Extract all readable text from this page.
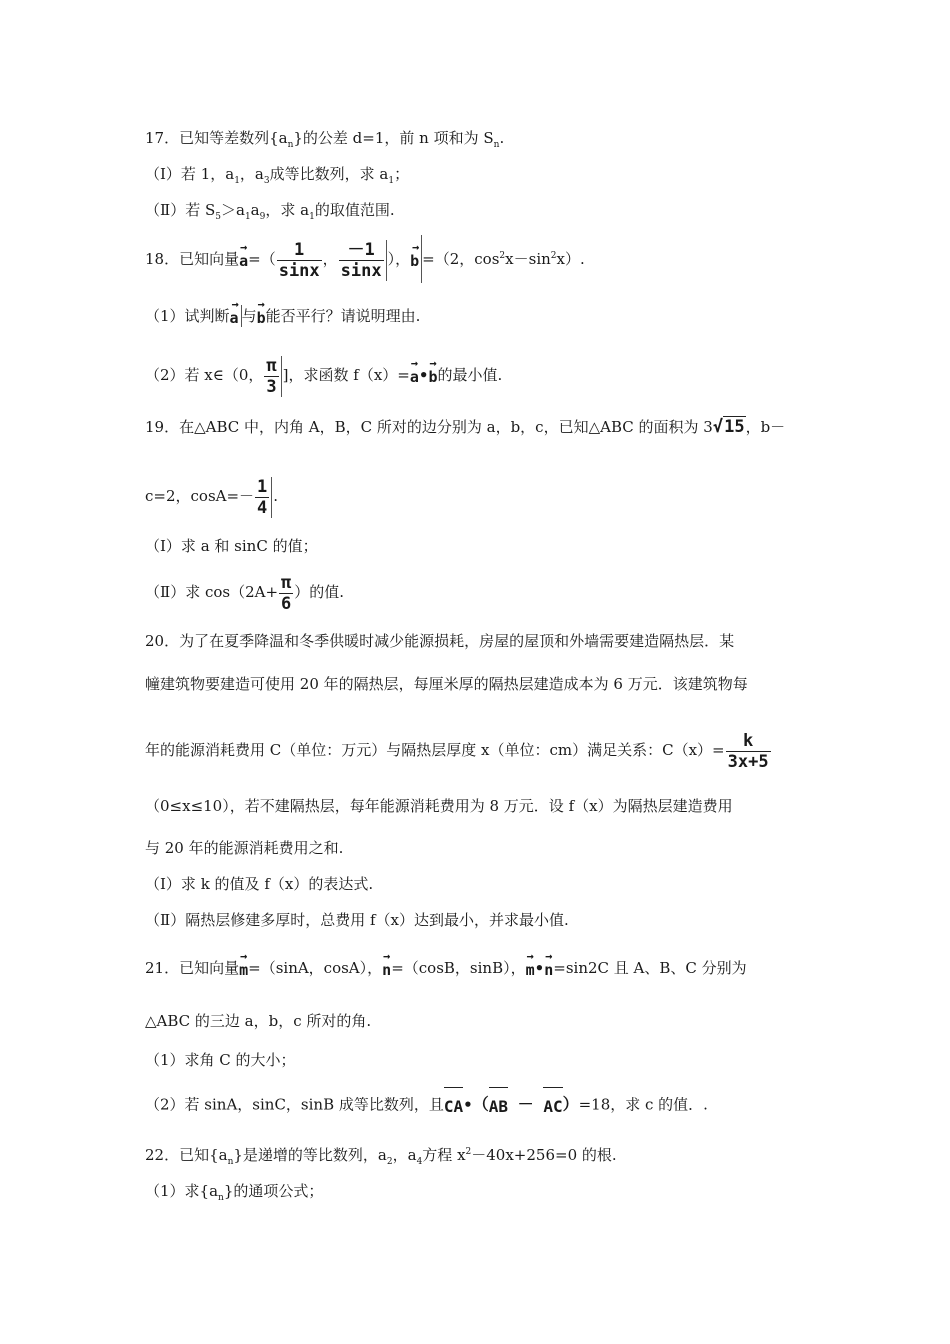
17．已知等差数列$\{a_n\}$的公差 d=1，前 n 项和为 $S_n$.
（Ⅰ）若 1，$a_1$，$a_3$成等比数列，求 $a_1$；
（Ⅱ）若 $S_5>a_1a_9$，求 $a_1$的取值范围.
18．已知向量→ $a=( \frac{1}{\sin x}$ ， $\frac{-1}{\sin x}$ ），→ b =（2，$\cos^2x-\sin^2x$）.
（1）试判断→ a 与→ b能否平行？请说明理由.
（2）若 x∈（0， $\frac{\pi}{3}$ ]，求函数 f（x）=→ a•→ b的最小值.
19．在△ABC 中，内角 A，B，C 所对的边分别为 a，b，c，已知△ABC 的面积为 3√15，b－
c=2，$\cos A=- \frac{1}{4}$ .
（Ⅰ）求 a 和 sinC 的值；
（Ⅱ）求 $\cos(2A+ \frac{\pi}{6}$ ）的值.
20．为了在夏季降温和冬季供暖时减少能源损耗，房屋的屋顶和外墙需要建造隔热层．某
幢建筑物要建造可使用 20 年的隔热层，每厘米厚的隔热层建造成本为 6 万元．该建筑物每
年的能源消耗费用 C（单位：万元）与隔热层厚度 x（单位：cm）满足关系：$C(x)= \frac{k}{3x+5}$
（0≤x≤10），若不建隔热层，每年能源消耗费用为 8 万元．设 f（x）为隔热层建造费用
与 20 年的能源消耗费用之和.
（Ⅰ）求 k 的值及 f（x）的表达式.
（Ⅱ）隔热层修建多厚时，总费用 f（x）达到最小，并求最小值.
21．已知向量→ m=（sinA，cosA），→ n=（cosB，sinB），→ m•→ n=sin2C 且 A、B、C 分别为
△ABC 的三边 a，b，c 所对的角.
（1）求角 C 的大小；
（2）若 sinA，sinC，sinB 成等比数列，且CA•（AB － AC）=18，求 c 的值．.
22．已知$\{a_n\}$是递增的等比数列，$a_2$，$a_4$方程 $x^2-40x+256=0$ 的根.
（1）求$\{a_n\}$的通项公式；
